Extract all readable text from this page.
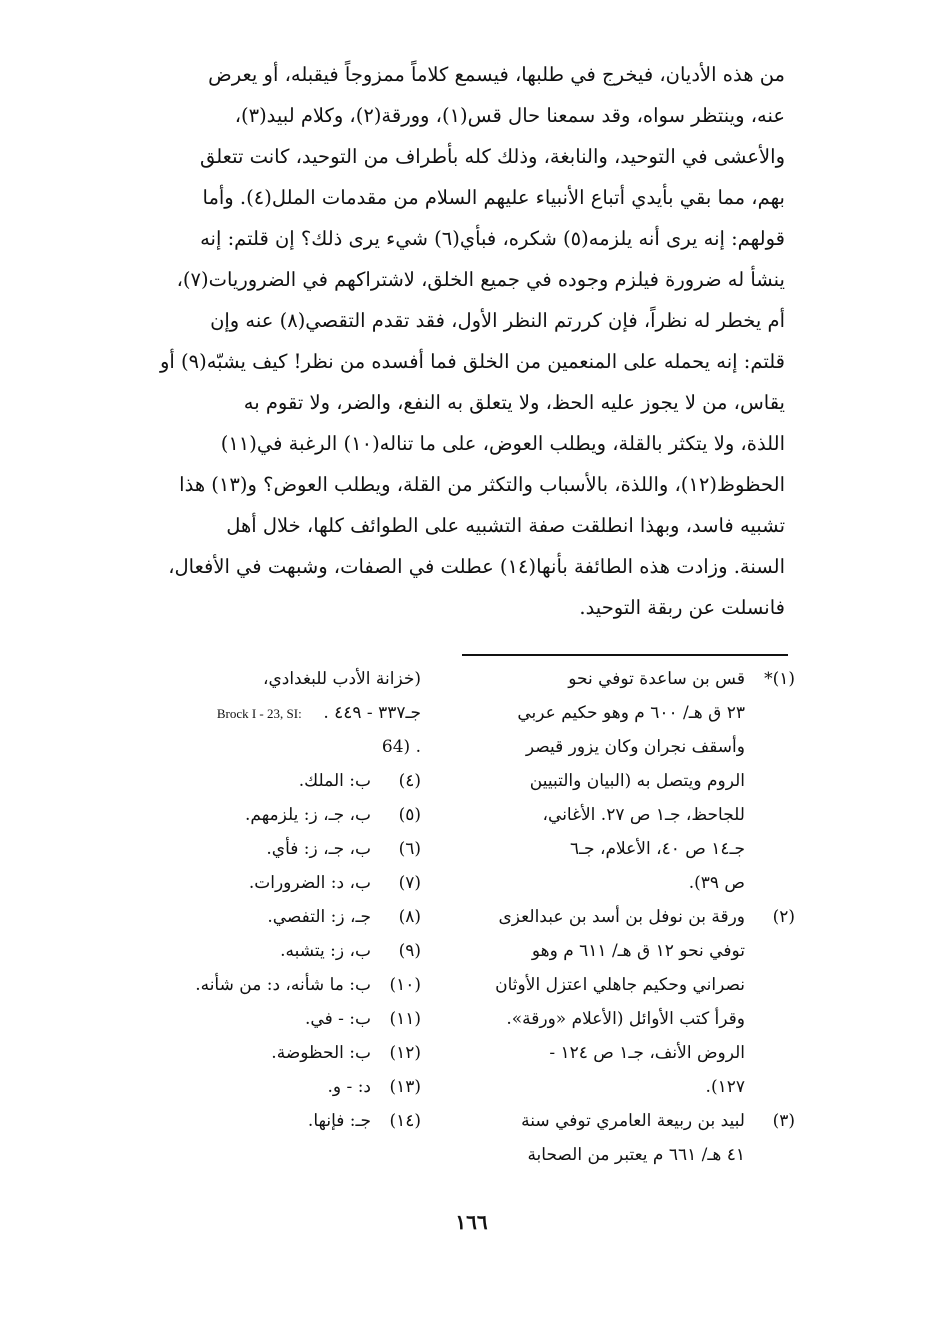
من هذه الأديان، فيخرج في طلبها، فيسمع كلاماً ممزوجاً فيقبله، أو يعرض
عنه، وينتظر سواه، وقد سمعنا حال قس(١)، وورقة(٢)، وكلام لبيد(٣)،
والأعشى في التوحيد، والنابغة، وذلك كله بأطراف من التوحيد، كانت تتعلق
بهم، مما بقي بأيدي أتباع الأنبياء عليهم السلام من مقدمات الملل(٤). وأما
قولهم: إنه يرى أنه يلزمه(٥) شكره، فبأي(٦) شيء يرى ذلك؟ إن قلتم: إنه
ينشأ له ضرورة فيلزم وجوده في جميع الخلق، لاشتراكهم في الضروريات(٧)،
أم يخطر له نظراً، فإن كررتم النظر الأول، فقد تقدم التقصي(٨) عنه وإن
قلتم: إنه يحمله على المنعمين من الخلق فما أفسده من نظر! كيف يشبّه(٩) أو
يقاس، من لا يجوز عليه الحظ، ولا يتعلق به النفع، والضر، ولا تقوم به
اللذة، ولا يتكثر بالقلة، ويطلب العوض، على ما تناله(١٠) الرغبة في(١١)
الحظوظ(١٢)، واللذة، بالأسباب والتكثر من القلة، ويطلب العوض؟ و(١٣) هذا
تشبيه فاسد، وبهذا انطلقت صفة التشبيه على الطوائف كلها، خلال أهل
السنة. وزادت هذه الطائفة بأنها(١٤) عطلت في الصفات، وشبهت في الأفعال،
فانسلت عن ربقة التوحيد.
(١)*
قس بن ساعدة توفي نحو
٢٣ ق هـ/ ٦٠٠ م وهو حكيم عربي
وأسقف نجران وكان يزور قيصر
الروم ويتصل به (البيان والتبيين
للجاحظ، جـ١ ص ٢٧. الأغاني،
جـ١٤ ص ٤٠، الأعلام، جـ٦
ص ٣٩).
(٢)
ورقة بن نوفل بن أسد بن عبدالعزى
توفي نحو ١٢ ق هـ/ ٦١١ م وهو
نصراني وحكيم جاهلي اعتزل الأوثان
وقرأ كتب الأوائل (الأعلام «ورقة».
الروض الأنف، جـ١ ص ١٢٤ -
١٢٧).
(٣)
لبيد بن ربيعة العامري توفي سنة
٤١ هـ/ ٦٦١ م يعتبر من الصحابة
(خزانة الأدب للبغدادي،
جـ٣٣٧ - ٤٤٩ .    Brock I - 23, SI:
. (64
(٤)
ب: الملك.
(٥)
ب، جـ، ز: يلزمهم.
(٦)
ب، جـ، ز: فأي.
(٧)
ب، د: الضرورات.
(٨)
جـ، ز: التفصي.
(٩)
ب، ز: يتشبه.
(١٠)
ب: ما شأنه، د: من شأنه.
(١١)
ب: - في.
(١٢)
ب: الحظوضة.
(١٣)
د: - و.
(١٤)
جـ: فإنها.
١٦٦
